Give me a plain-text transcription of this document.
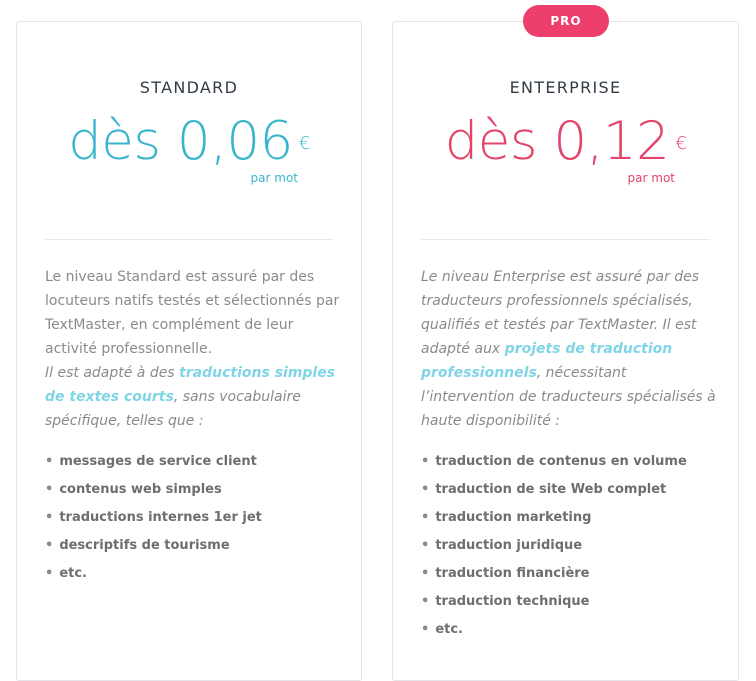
STANDARD
dès 0,06 €
par mot

Le niveau Standard est assuré par des locuteurs natifs testés et sélectionnés par TextMaster, en complément de leur activité professionnelle.
Il est adapté à des traductions simples de textes courts, sans vocabulaire spécifique, telles que :

• messages de service client
• contenus web simples
• traductions internes 1er jet
• descriptifs de tourisme
• etc.
PRO
ENTERPRISE
dès 0,12 €
par mot

Le niveau Enterprise est assuré par des traducteurs professionnels spécialisés, qualifiés et testés par TextMaster. Il est adapté aux projets de traduction professionnels, nécessitant l’intervention de traducteurs spécialisés à haute disponibilité :

• traduction de contenus en volume
• traduction de site Web complet
• traduction marketing
• traduction juridique
• traduction financière
• traduction technique
• etc.
